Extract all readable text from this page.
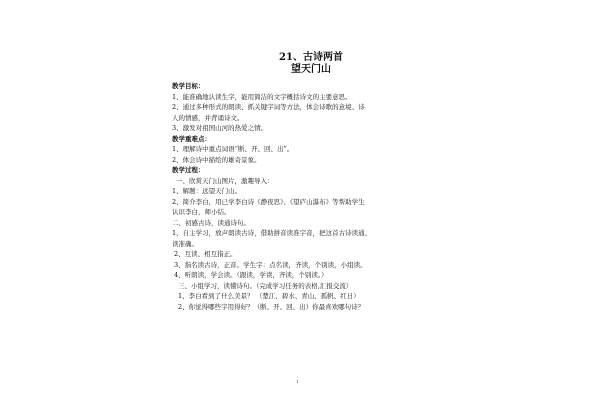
21、古诗两首
望天门山
教学目标：
1、能准确地认读生字，能用简洁的文字概括诗文的主要意思。
2、通过多种形式的朗读、抓关键字词等方法，体会诗歌的意境、诗
人的情感，并背诵诗文。
3、激发对祖国山河的热爱之情。
教学重难点：
1、理解诗中重点词语“断、开、回、出”。
2、体会诗中描绘的雄奇景象。
教学过程：
一、欣赏天门山图片，激趣导入：
1、解题：远望天门山。
2、简介李白，用已学李白诗《静夜思》、《望庐山瀑布》等帮助学生
认识李白，师小结。
二、初感古诗，读通诗句。
1、自主学习，放声朗读古诗，借助拼音读准字音，把这首古诗读通、
读准确。
2、互读、相互指正。
3、指名读古诗，正音。学生字：点名读，齐读，个别读，小组读。
4、听朗读，学会读。（跟读，学读，齐读，个别读。）
三、小组学习，读懂诗句。（完成学习任务的表格,汇报交流）
1、李白看到了什么美景？ （楚江、碧水、青山、孤帆、红日）
2、你觉得哪些字用得好？（断、开、回、出）你最喜欢哪句诗？
1
